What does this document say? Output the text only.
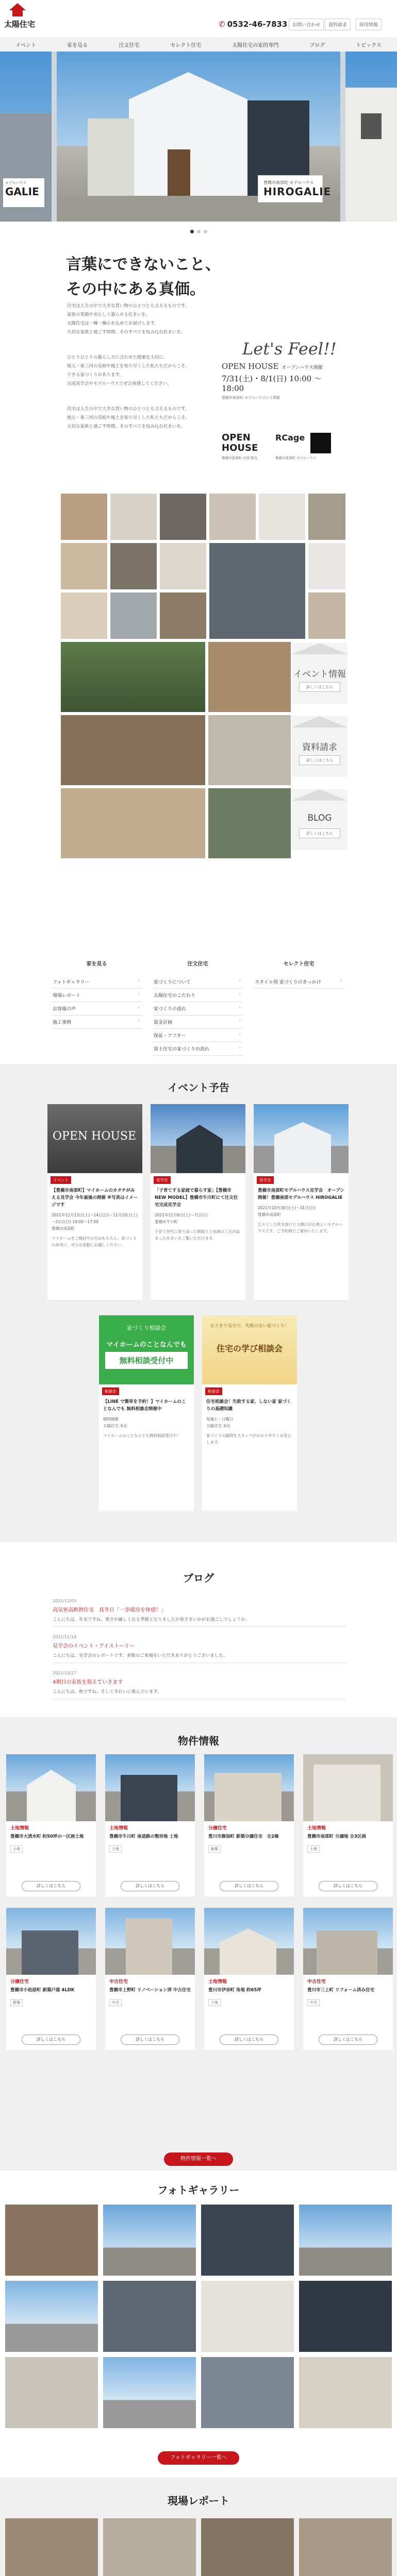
太陽住宅	✆ 0532-46-7833	お問い合わせ	資料請求	採用情報
イベント	家を見る	注文住宅	セレクト住宅	太陽住宅の家的専門	ブログ	トピックス
モデルハウス
GALIE
豊橋市南部町 モデルハウス
HIROGALIE
言葉にできないこと、
その中にある真価。
住宅は人生の中で大きな買い物のひとつとも言えるものです。
家族の笑顔や安心して暮らせる住まいを、
太陽住宅は一棟一棟心を込めてお届けします。
大切な家族と過ごす時間、そのすべてを包み込む住まいを。
ひとりひとりの暮らし方に合わせた提案を大切に、
地元・東三河の気候や風土を知り尽くした私たちだからこそ、
できる家づくりがあります。
完成見学会やモデルハウスでぜひ体感してください。
住宅は人生の中で大きな買い物のひとつとも言えるものです。
地元・東三河の気候や風土を知り尽くした私たちだからこそ、
大切な家族と過ごす時間、そのすべてを包み込む住まいを。
Let's Feel!!
OPEN HOUSE オープンハウス開催
7/31(土)・8/1(日) 10:00 ～ 18:00
豊橋市南部町 モデルハウスにて開催
OPEN HOUSE
豊橋市南部町 中部 販売
RCage
豊橋市南部町 モデルハウス
イベント情報
詳しくはこちら
資料請求
詳しくはこちら
BLOG
詳しくはこちら
家を見る
フォトギャラリー ›
現場レポート ›
お客様の声 ›
施工事例 ›
注文住宅
家づくりについて ›
太陽住宅のこだわり ›
家づくりの流れ ›
資金計画 ›
保証・アフター ›
富士住宅の家づくりの流れ ›
セレクト住宅
スタイル別 家づくりのきっかけ ›
イベント予告
OPEN HOUSE
イベント
【豊橋市南部町】マイホームのカタチがみえる見学会 今年最後の開催 ※写真はイメージです
2021年11月13日(土)～14日(日)・11月20日(土)～21日(日) 10:00～17:00
豊橋市南部町
マイホームをご検討中の方はもちろん、家づくりの参考に、ぜひお気軽にお越しください。
見学会
「子育てする家庭で暮らす家」【豊橋市 NEW MODEL】豊橋市牛川町にて注文住宅完成見学会
2021年11月6日(土)～7日(日)
豊橋市牛川町
子育て世代に寄り添った間取りと収納の工夫が詰まった住まいをご覧いただけます。
見学会
豊橋市南部町モデルハウス見学会　オープン開催！豊橋南部モデルハウス HIROGALIE
2021年10月30日(土)～31日(日)
豊橋市南部町
広々とした吹き抜けと大開口が心地よいモデルハウスです。ご予約制でご案内いたします。
家づくり相談会
マイホームのことなんでも
無料相談受付中
相談会
【LINE で簡単を予約！】マイホームのことなんでも 無料相談会開催中
随時開催
太陽住宅 本社
マイホームのことなんでも無料相談受付中！
なりきり気分で、失敗のない家づくり！
住宅の学び相談会
相談会
住宅相談会！失敗する家、しない家 家づくりの基礎知識
毎週土・日曜日
太陽住宅 本社
家づくりの疑問をスタッフがわかりやすくお答えします。
ブログ
2021/12/03
高気密高断熱住宅　真冬日「一条暖房を体感！」
こんにちは、年末ですね。寒さが厳しくなる季節となりましたが皆さまいかがお過ごしでしょうか。
2021/11/19
見学会のイベント・アイストーリー
こんにちは。見学会のレポートです。多数のご来場をいただきありがとうございました。
2021/10/27
4期目の家族を迎えていきます
こんにちは、秋ですね。そしてきれいに進んでいます。
物件情報
土地情報
豊橋市大清水町 約50坪の一区画土地
土地
詳しくはこちら
土地情報
豊橋市牛川町 南道路の整形地 土地
土地
詳しくはこちら
分譲住宅
豊川市御油町 新築分譲住宅　全2棟
新築
詳しくはこちら
土地情報
豊橋市南部町 分譲地 全3区画
土地
詳しくはこちら
分譲住宅
豊橋市小松原町 新築戸建 4LDK
新築
詳しくはこちら
中古住宅
豊橋市上野町 リノベーション済 中古住宅
中古
詳しくはこちら
土地情報
豊川市伊奈町 角地 約65坪
土地
詳しくはこちら
中古住宅
豊川市三上町 リフォーム済み住宅
中古
詳しくはこちら
物件情報一覧へ
フォトギャラリー
フォトギャラリー一覧へ
現場レポート
